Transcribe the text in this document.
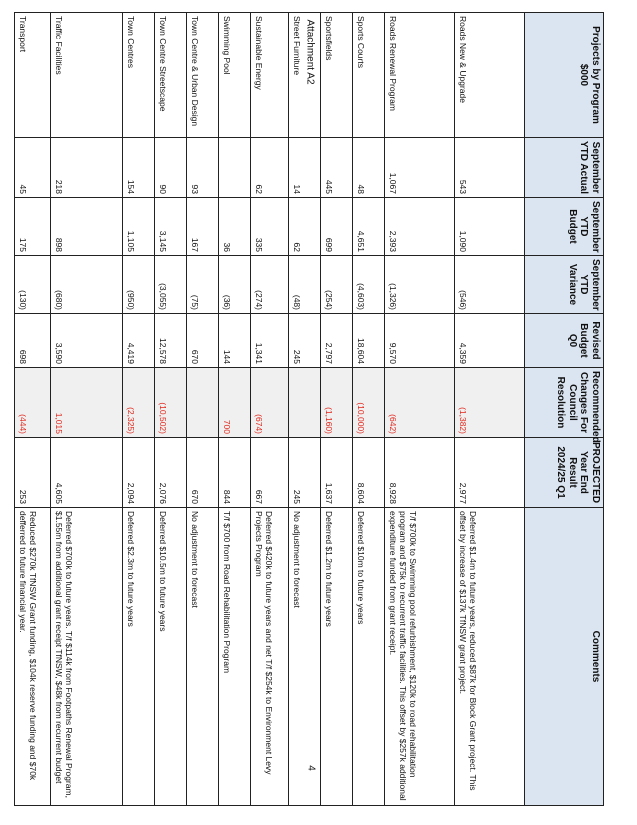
Attachment A2	Projects by Program $000	September YTD Actual	September YTD Budget	September YTD Variance	Revised Budget Q0	Recommended Changes For Council Resolution	PROJECTED Year End Result 2024/25 Q1	Comments
Roads New & Upgrade	543	1,090	(546)	4,359	(1,382)	2,977	Deferred $1.4m to future years, reduced $87k for Block Grant project. This offset by increase of $137k TfNSW grant project.
Roads Renewal Program	1,067	2,393	(1,326)	9,570	(642)	8,928	T/f $700k to Swimming pool refurbishment, $120k to road rehabilitation program and $75k to recurrent traffic facilities. This offset by $257k additional expenditure funded from grant receipt.
Sports Courts	48	4,651	(4,603)	18,604	(10,000)	8,604	Deferred $10m to future years
Sportsfields	445	699	(254)	2,797	(1,160)	1,637	Deferred $1.2m to future years
Street Furniture	14	62	(48)	245		245	No adjustment to forecast
Sustainable Energy	62	335	(274)	1,341	(674)	667	Deferred $420k to future years and net T/f $254k to Environment Levy Projects Program
Swimming Pool		36	(36)	144	700	844	T/f $700 from Road Rehabilitation Program
Town Centre & Urban Design	93	167	(75)	670		670	No adjustment to forecast
Town Centre Streetscape	90	3,145	(3,055)	12,578	(10,502)	2,076	Deferred $10.5m to future years
Town Centres	154	1,105	(950)	4,419	(2,325)	2,094	Deferred $2.3m to future years
Traffic Facilities	218	898	(680)	3,590	1,015	4,605	Deferred $700k to future years. T/f $114k from Footpaths Renewal Program, $1.55m from additional grant receipt TfNSW, $48k from recurrent budget
Transport	45	175	(130)	698	(444)	253	Reduced $270k TfNSW Grant funding, $104k reserve funding and $70k defferred to future financial year.
4
